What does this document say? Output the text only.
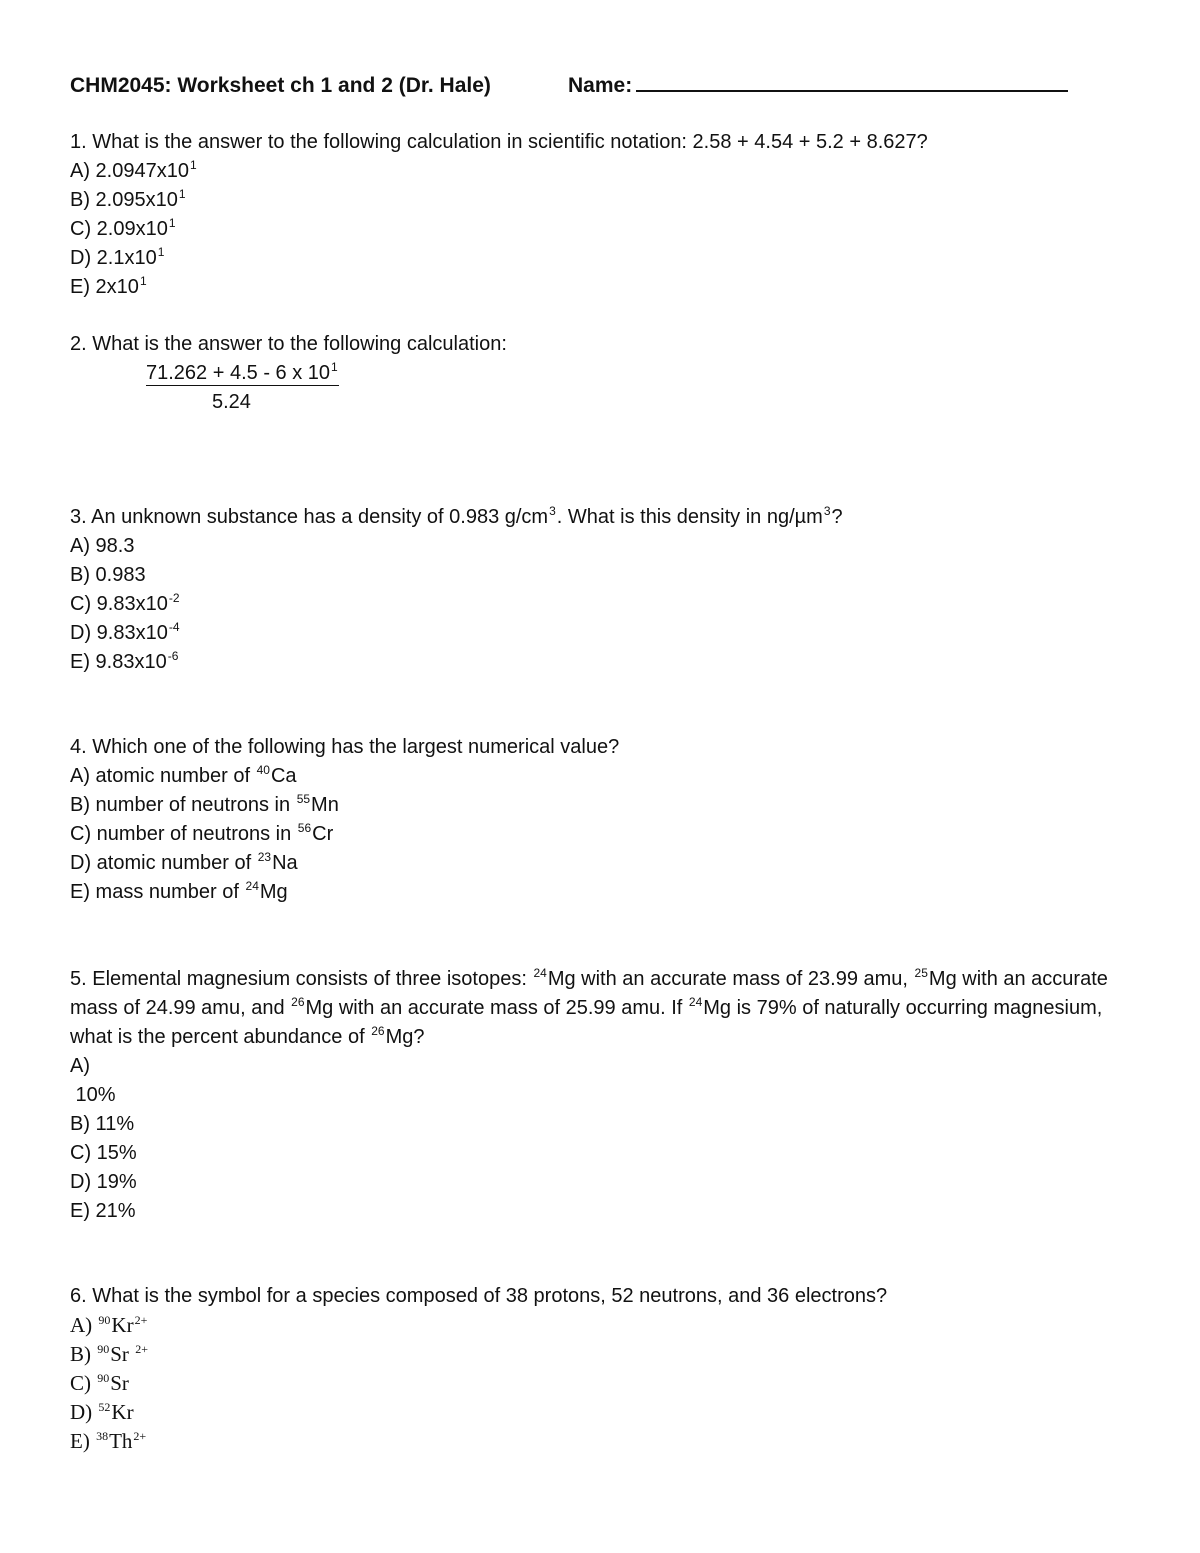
CHM2045: Worksheet ch 1 and 2 (Dr. Hale)	Name:
1. What is the answer to the following calculation in scientific notation: 2.58 + 4.54 + 5.2 + 8.627?
A) $2.0947x10^1$
B) $2.095x10^1$
C) $2.09x10^1$
D) $2.1x10^1$
E) $2x10^1$
2. What is the answer to the following calculation:
71.262 + 4.5 - 6 x $10^1$
5.24
3. An unknown substance has a density of 0.983 $g/cm^3$. What is this density in ng/µm$^3$?
A) 98.3
B) 0.983
C) $9.83x10^{-2}$
D) $9.83x10^{-4}$
E) $9.83x10^{-6}$
4. Which one of the following has the largest numerical value?
A) atomic number of $^{40}$Ca
B) number of neutrons in $^{55}$Mn
C) number of neutrons in $^{56}$Cr
D) atomic number of $^{23}$Na
E) mass number of $^{24}$Mg
5. Elemental magnesium consists of three isotopes: $^{24}$Mg with an accurate mass of 23.99 amu, $^{25}$Mg with an accurate mass of 24.99 amu, and $^{26}$Mg with an accurate mass of 25.99 amu. If $^{24}$Mg is 79% of naturally occurring magnesium, what is the percent abundance of $^{26}$Mg?
A)
10%
B) 11%
C) 15%
D) 19%
E) 21%
6. What is the symbol for a species composed of 38 protons, 52 neutrons, and 36 electrons?
A) $^{90}Kr^{2+}$
B) $^{90}$Sr $^{2+}$
C) $^{90}$Sr
D) $^{52}$Kr
E) $^{38}Th^{2+}$
